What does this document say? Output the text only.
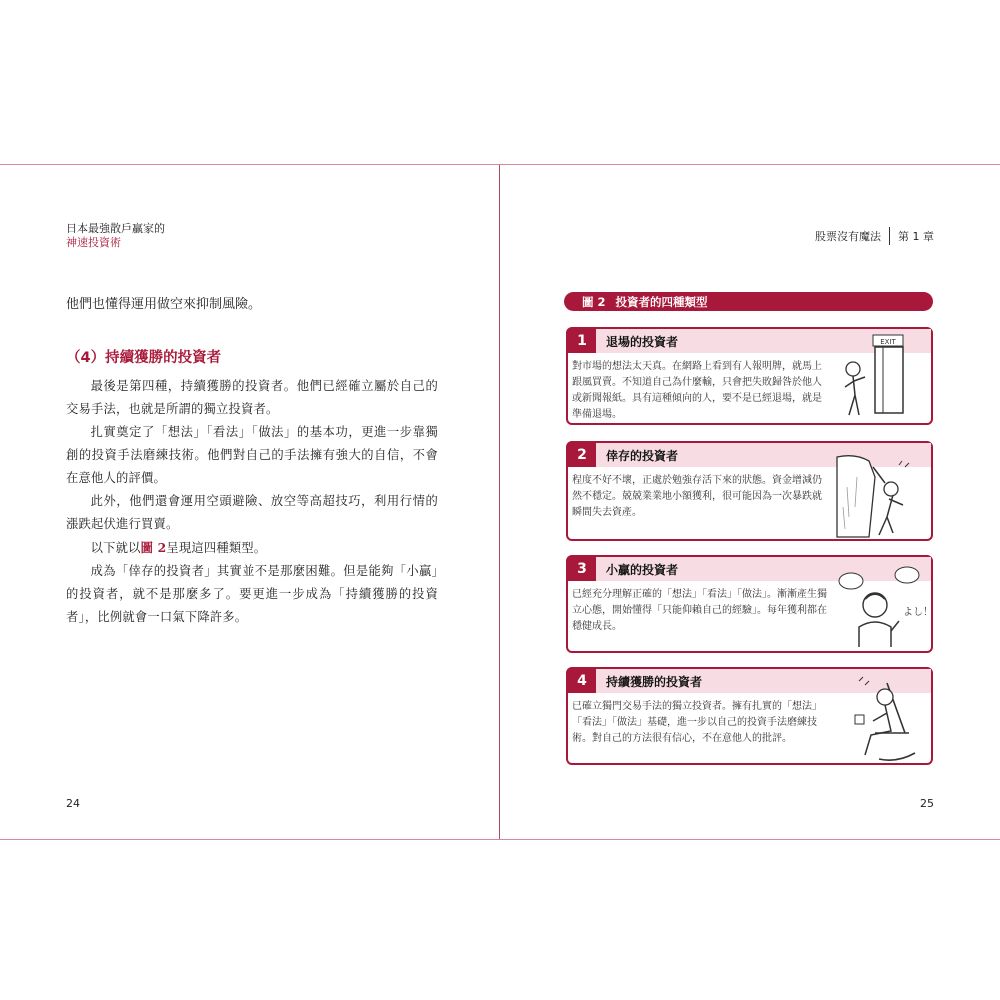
日本最強散戶贏家的
神速投資術
他們也懂得運用做空來抑制風險。
（4）持續獲勝的投資者

最後是第四種，持續獲勝的投資者。他們已經確立屬於自己的交易手法，也就是所謂的獨立投資者。

扎實奠定了「想法」「看法」「做法」的基本功，更進一步靠獨創的投資手法磨練技術。他們對自己的手法擁有強大的自信，不會在意他人的評價。

此外，他們還會運用空頭避險、放空等高超技巧，利用行情的漲跌起伏進行買賣。

以下就以圖 2呈現這四種類型。

成為「倖存的投資者」其實並不是那麼困難。但是能夠「小贏」的投資者，就不是那麼多了。要更進一步成為「持續獲勝的投資者」，比例就會一口氣下降許多。

24
股票沒有魔法 第 1 章
圖 2 投資者的四種類型
1	退場的投資者
對市場的想法太天真。在網路上看到有人報明牌，就馬上跟風買賣。不知道自己為什麼輸，只會把失敗歸咎於他人或新聞報紙。具有這種傾向的人，要不是已經退場，就是準備退場。
EXIT
2	倖存的投資者
程度不好不壞，正處於勉強存活下來的狀態。資金增減仍然不穩定。兢兢業業地小額獲利，很可能因為一次暴跌就瞬間失去資產。
3	小贏的投資者
已經充分理解正確的「想法」「看法」「做法」。漸漸產生獨立心態，開始懂得「只能仰賴自己的經驗」。每年獲利都在穩健成長。
よし！
4	持續獲勝的投資者
已確立獨門交易手法的獨立投資者。擁有扎實的「想法」「看法」「做法」基礎，進一步以自己的投資手法磨練技術。對自己的方法很有信心，不在意他人的批評。
25
